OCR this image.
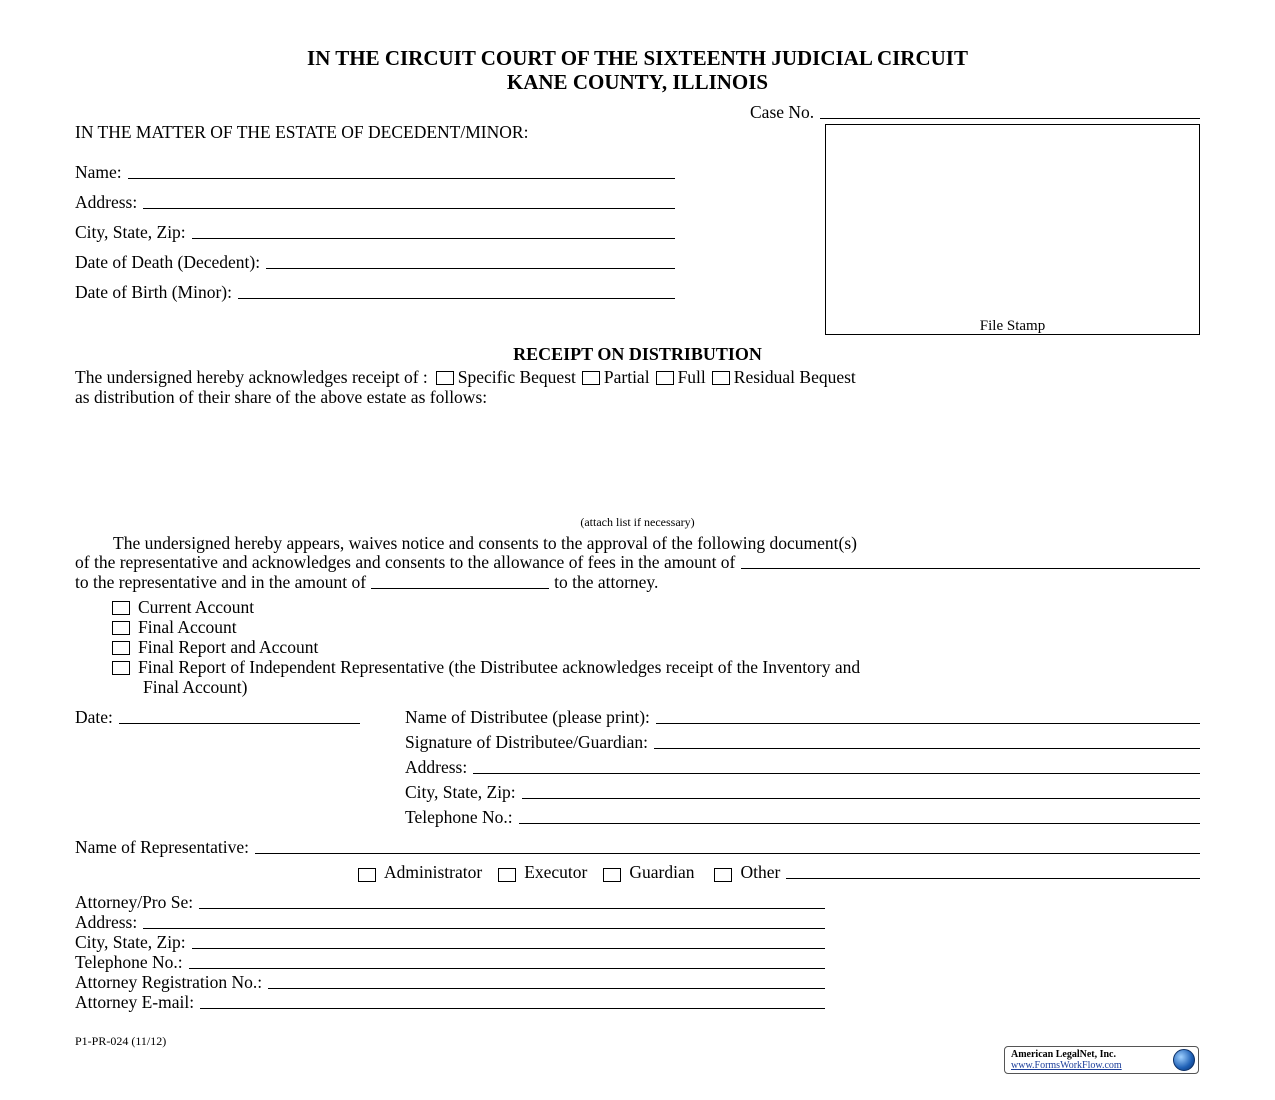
IN THE CIRCUIT COURT OF THE SIXTEENTH JUDICIAL CIRCUIT
KANE COUNTY, ILLINOIS
Case No.
IN THE MATTER OF THE ESTATE OF DECEDENT/MINOR:
Name:
Address:
City, State, Zip:
Date of Death (Decedent):
Date of Birth (Minor):
File Stamp
RECEIPT ON DISTRIBUTION
The undersigned hereby acknowledges receipt of : Specific Bequest Partial Full Residual Bequest
as distribution of their share of the above estate as follows:
(attach list if necessary)
The undersigned hereby appears, waives notice and consents to the approval of the following document(s)
of the representative and acknowledges and consents to the allowance of fees in the amount of
to the representative and in the amount of	to the attorney.
Current Account
Final Account
Final Report and Account
Final Report of Independent Representative (the Distributee acknowledges receipt of the Inventory and
Final Account)
Date:	Name of Distributee (please print):
Signature of Distributee/Guardian:
Address:
City, State, Zip:
Telephone No.:
Name of Representative:
Administrator Executor Guardian	Other
Attorney/Pro Se:
Address:
City, State, Zip:
Telephone No.:
Attorney Registration No.:
Attorney E-mail:
P1-PR-024 (11/12)
American LegalNet, Inc.
www.FormsWorkFlow.com
